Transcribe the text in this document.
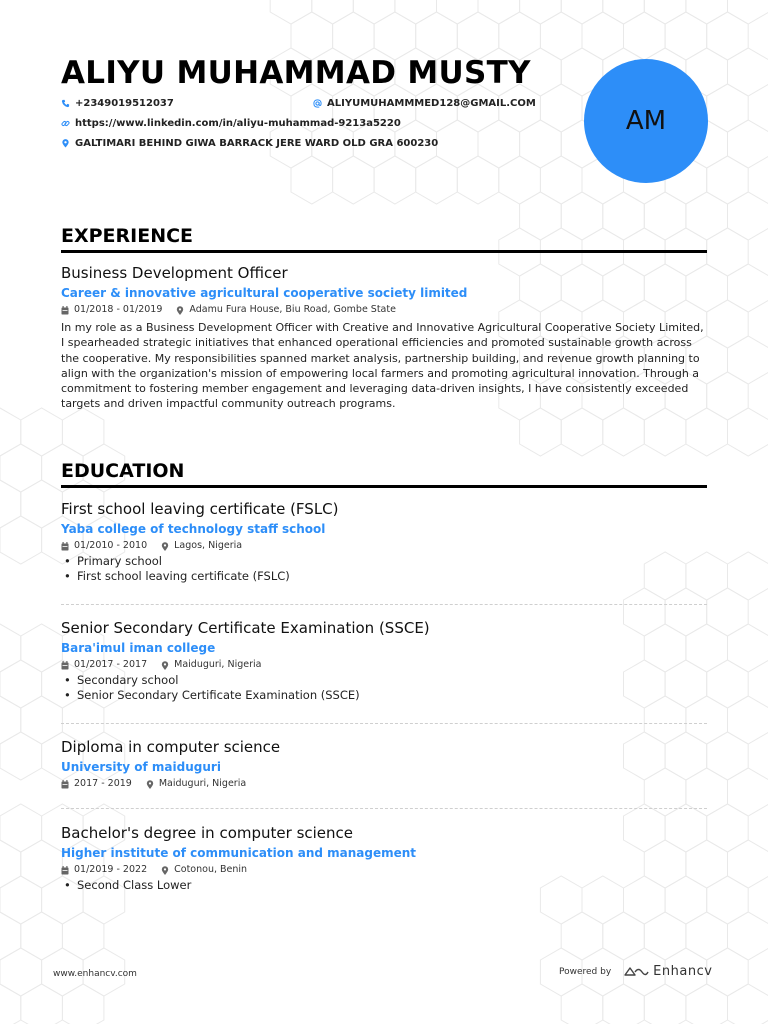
ALIYU MUHAMMAD MUSTY
+2349019512037	ALIYUMUHAMMMED128@GMAIL.COM
https://www.linkedin.com/in/aliyu-muhammad-9213a5220
GALTIMARI BEHIND GIWA BARRACK JERE WARD OLD GRA 600230
AM
EXPERIENCE
Business Development Officer
Career & innovative agricultural cooperative society limited
01/2018 - 01/2019	Adamu Fura House, Biu Road, Gombe State
In my role as a Business Development Officer with Creative and Innovative Agricultural Cooperative Society Limited, I spearheaded strategic initiatives that enhanced operational efficiencies and promoted sustainable growth across the cooperative. My responsibilities spanned market analysis, partnership building, and revenue growth planning to align with the organization's mission of empowering local farmers and promoting agricultural innovation. Through a commitment to fostering member engagement and leveraging data-driven insights, I have consistently exceeded targets and driven impactful community outreach programs.
EDUCATION
First school leaving certificate (FSLC)
Yaba college of technology staff school
01/2010 - 2010	Lagos, Nigeria
• Primary school
• First school leaving certificate (FSLC)
Senior Secondary Certificate Examination (SSCE)
Bara'imul iman college
01/2017 - 2017	Maiduguri, Nigeria
• Secondary school
• Senior Secondary Certificate Examination (SSCE)
Diploma in computer science
University of maiduguri
2017 - 2019	Maiduguri, Nigeria
Bachelor's degree in computer science
Higher institute of communication and management
01/2019 - 2022	Cotonou, Benin
• Second Class Lower
www.enhancv.com	Powered by	Enhancv
